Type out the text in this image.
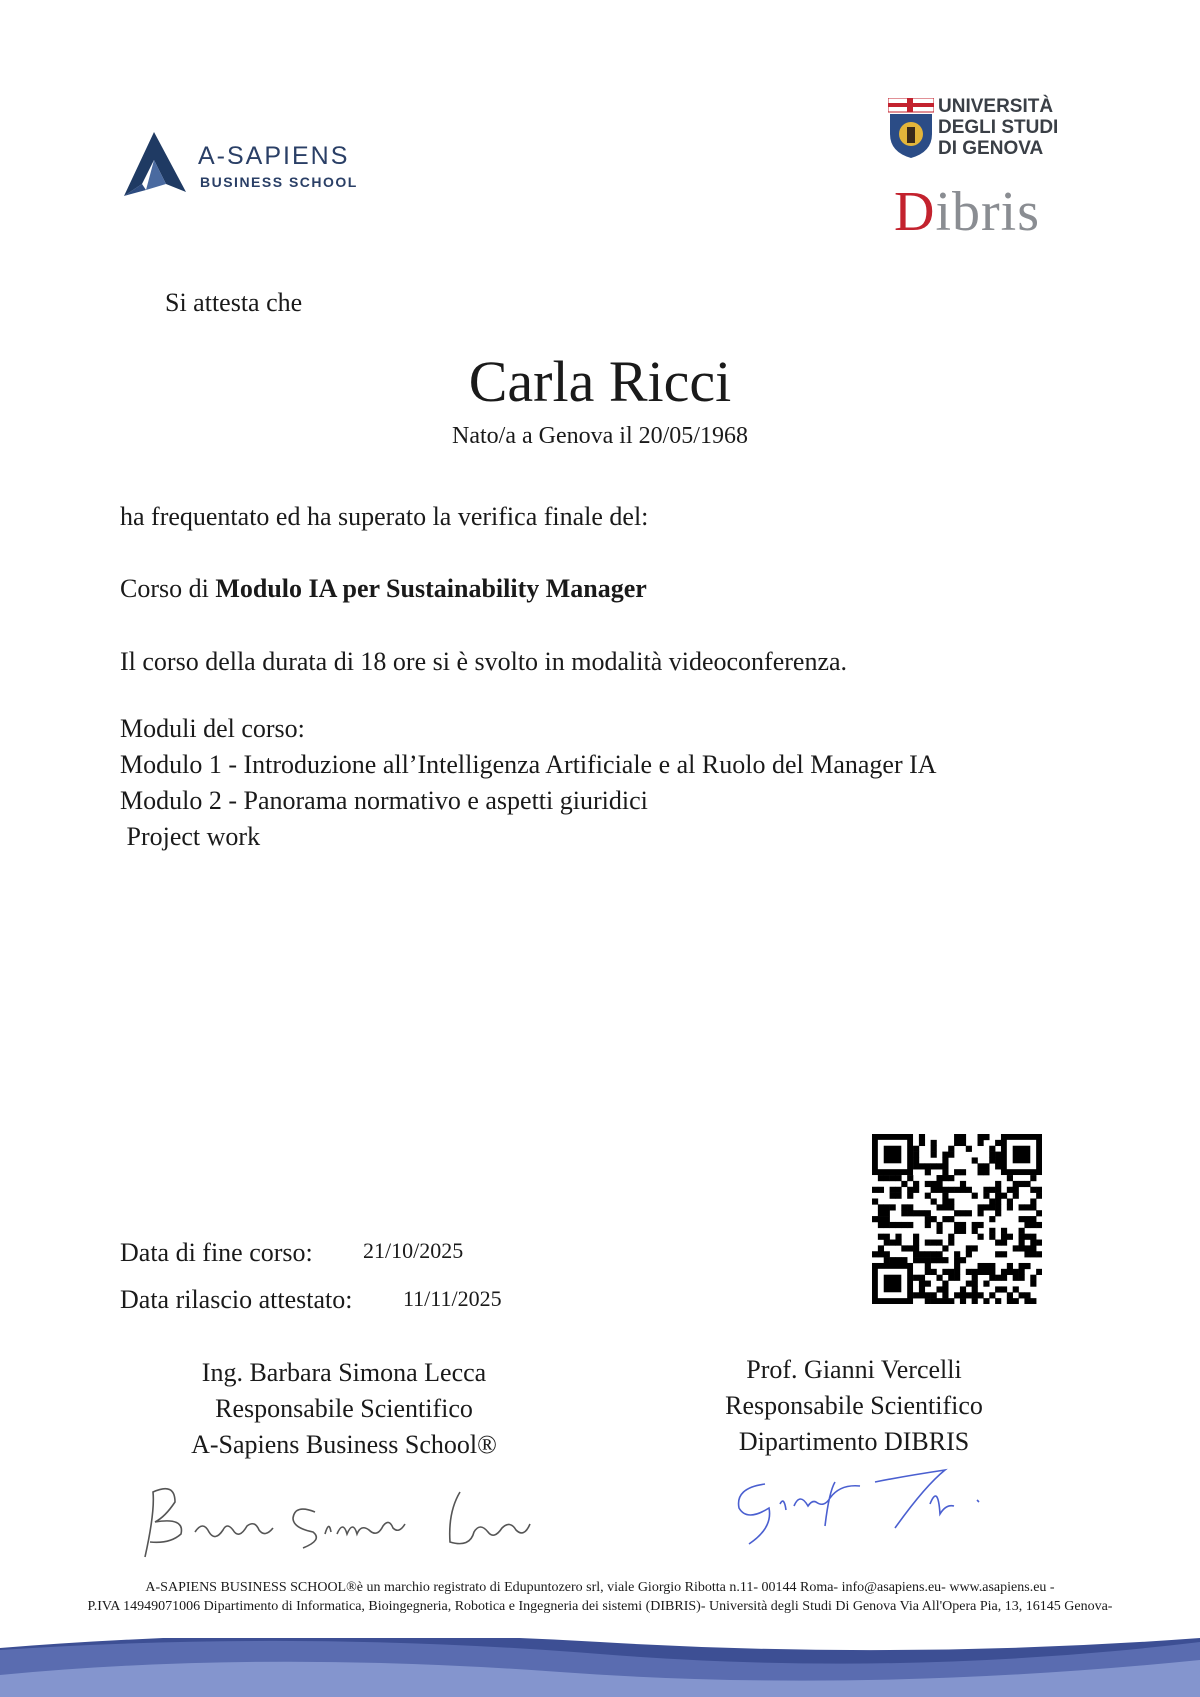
A-SAPIENS
BUSINESS SCHOOL
UNIVERSITÀ
DEGLI STUDI
DI GENOVA
Dibris
Si attesta che
Carla Ricci
Nato/a a Genova il 20/05/1968
ha frequentato ed ha superato la verifica finale del:
Corso di Modulo IA per Sustainability Manager
Il corso della durata di 18 ore si è svolto in modalità videoconferenza.
Moduli del corso:
Modulo 1 - Introduzione all’Intelligenza Artificiale e al Ruolo del Manager IA
Modulo 2 - Panorama normativo e aspetti giuridici
Project work
Data di fine corso: 21/10/2025
Data rilascio attestato: 11/11/2025
Ing. Barbara Simona Lecca
Responsabile Scientifico
A-Sapiens Business School®
Prof. Gianni Vercelli
Responsabile Scientifico
Dipartimento DIBRIS
A-SAPIENS BUSINESS SCHOOL®è un marchio registrato di Edupuntozero srl, viale Giorgio Ribotta n.11- 00144 Roma- info@asapiens.eu- www.asapiens.eu -
P.IVA 14949071006 Dipartimento di Informatica, Bioingegneria, Robotica e Ingegneria dei sistemi (DIBRIS)- Università degli Studi Di Genova Via All'Opera Pia, 13, 16145 Genova-
